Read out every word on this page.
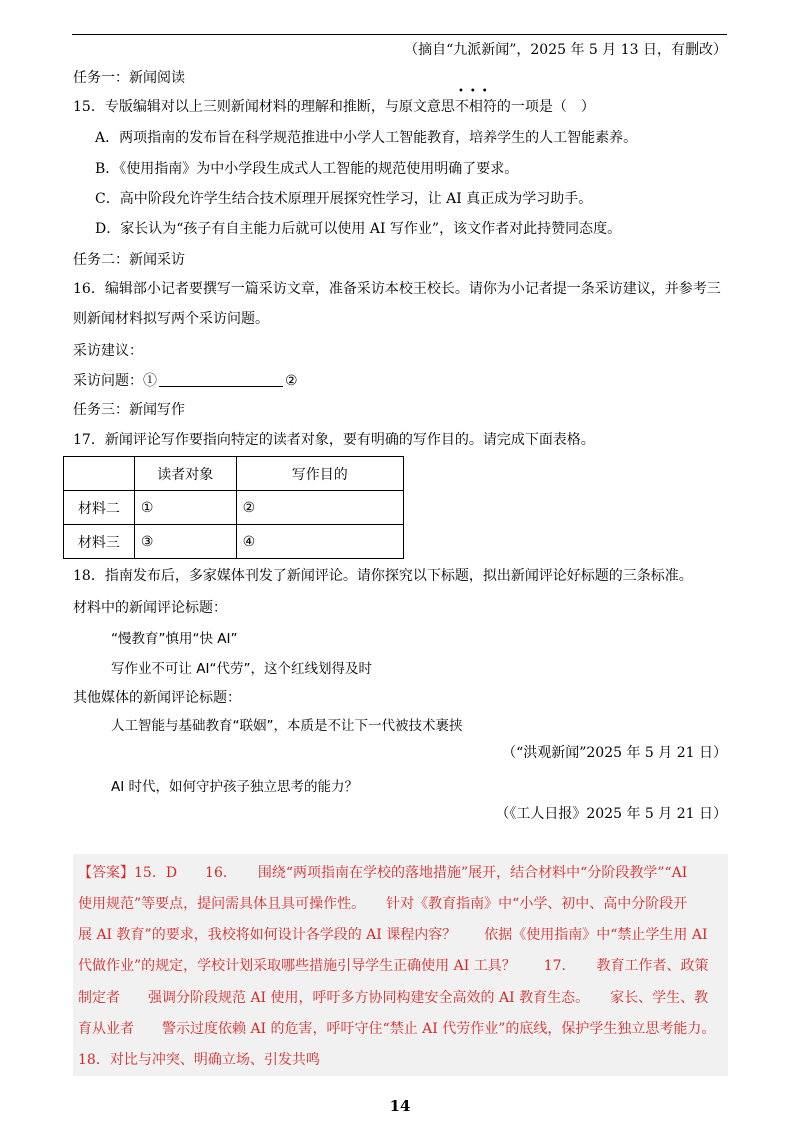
（摘自“九派新闻”，2025 年 5 月 13 日，有删改）
任务一：新闻阅读
15．专版编辑对以上三则新闻材料的理解和推断，与原文意思
•••
不相符的一项是（　）
A．两项指南的发布旨在科学规范推进中小学人工智能教育，培养学生的人工智能素养。
B．《使用指南》为中小学段生成式人工智能的规范使用明确了要求。
C．高中阶段允许学生结合技术原理开展探究性学习，让 AI 真正成为学习助手。
D．家长认为“孩子有自主能力后就可以使用 AI 写作业”，该文作者对此持赞同态度。
任务二：新闻采访
16．编辑部小记者要撰写一篇采访文章，准备采访本校王校长。请你为小记者提一条采访建议，并参考三
则新闻材料拟写两个采访问题。
采访建议：
采访问题：①	②
任务三：新闻写作
17．新闻评论写作要指向特定的读者对象，要有明确的写作目的。请完成下面表格。
	读者对象	写作目的
材料二	①	②
材料三	③	④
18．指南发布后，多家媒体刊发了新闻评论。请你探究以下标题，拟出新闻评论好标题的三条标准。
材料中的新闻评论标题：
“慢教育”慎用“快 AI”
写作业不可让 AI“代劳”，这个红线划得及时
其他媒体的新闻评论标题：
人工智能与基础教育“联姻”，本质是不让下一代被技术裹挟
（“洪观新闻”2025 年 5 月 21 日）
AI 时代，如何守护孩子独立思考的能力？
（《工人日报》2025 年 5 月 21 日）
【答案】15．D　　16．　　围绕“两项指南在学校的落地措施”展开，结合材料中“分阶段教学”“AI
使用规范”等要点，提问需具体且具可操作性。　　针对《教育指南》中“小学、初中、高中分阶段开
展 AI 教育”的要求，我校将如何设计各学段的 AI 课程内容？　　依据《使用指南》中“禁止学生用 AI
代做作业”的规定，学校计划采取哪些措施引导学生正确使用 AI 工具？　　17．　　教育工作者、政策
制定者　　强调分阶段规范 AI 使用，呼吁多方协同构建安全高效的 AI 教育生态。　　家长、学生、教
育从业者　　警示过度依赖 AI 的危害，呼吁守住“禁止 AI 代劳作业”的底线，保护学生独立思考能力。
18．对比与冲突、明确立场、引发共鸣
14
